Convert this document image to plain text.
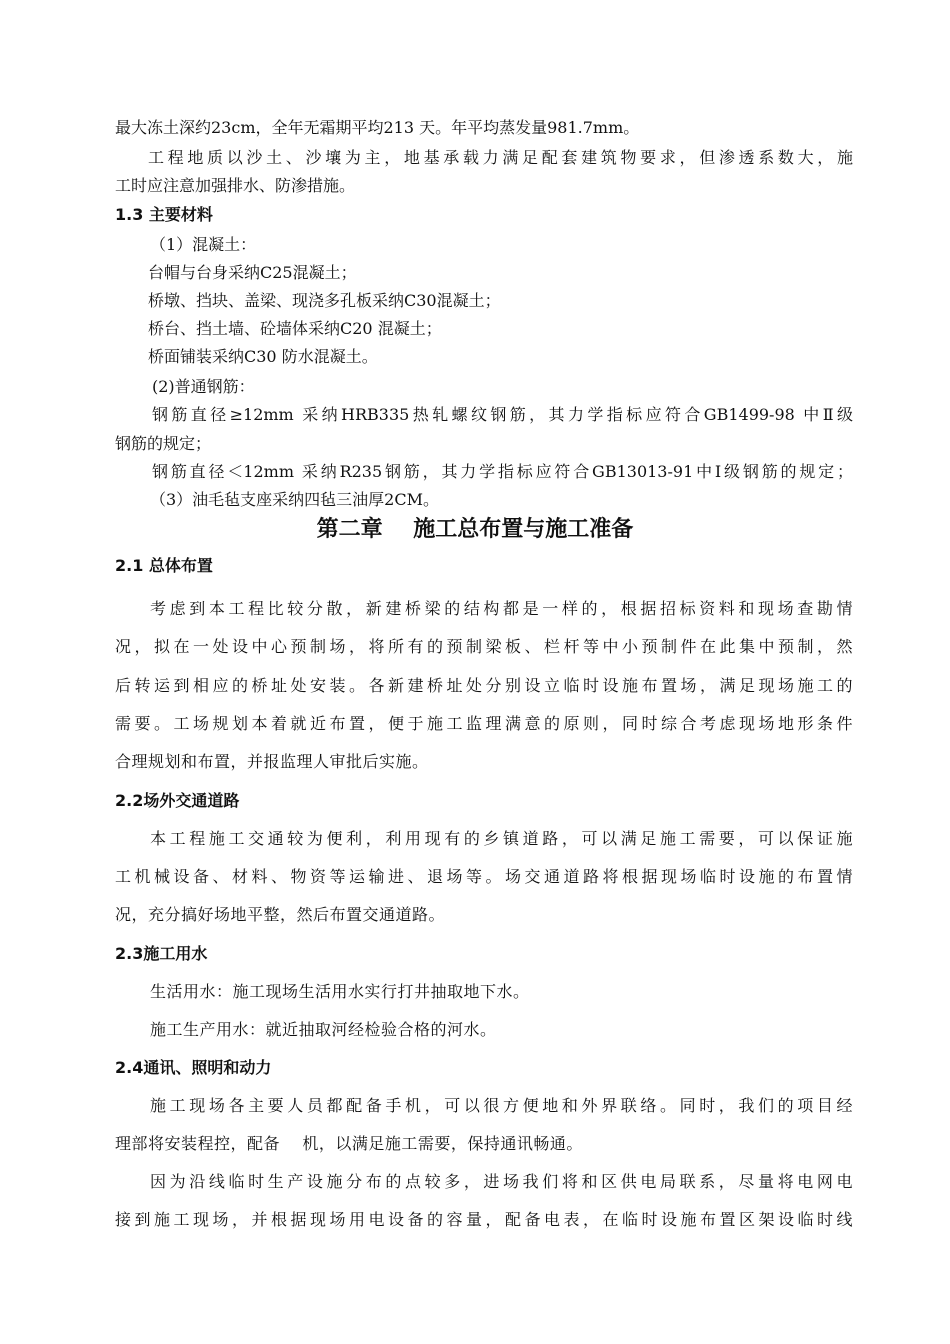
最大冻土深约23cm，全年无霜期平均213 天。年平均蒸发量981.7mm。
工程地质以沙土、沙壤为主，地基承载力满足配套建筑物要求，但渗透系数大，施
工时应注意加强排水、防渗措施。
1.3 主要材料
（1）混凝土：
台帽与台身采纳C25混凝土；
桥墩、挡块、盖梁、现浇多孔板采纳C30混凝土；
桥台、挡土墙、砼墙体采纳C20 混凝土；
桥面铺装采纳C30 防水混凝土。
(2)普通钢筋：
钢筋直径≥12mm 采纳HRB335热轧螺纹钢筋，其力学指标应符合GB1499-98 中Ⅱ级
钢筋的规定；
钢筋直径＜12mm 采纳R235钢筋，其力学指标应符合GB13013-91中Ⅰ级钢筋的规定；
（3）油毛毡支座采纳四毡三油厚2CM。
第二章    施工总布置与施工准备
2.1 总体布置
考虑到本工程比较分散，新建桥梁的结构都是一样的，根据招标资料和现场查勘情
况，拟在一处设中心预制场，将所有的预制梁板、栏杆等中小预制件在此集中预制，然
后转运到相应的桥址处安装。各新建桥址处分别设立临时设施布置场，满足现场施工的
需要。工场规划本着就近布置，便于施工监理满意的原则，同时综合考虑现场地形条件
合理规划和布置，并报监理人审批后实施。
2.2场外交通道路
本工程施工交通较为便利，利用现有的乡镇道路，可以满足施工需要，可以保证施
工机械设备、材料、物资等运输进、退场等。场交通道路将根据现场临时设施的布置情
况，充分搞好场地平整，然后布置交通道路。
2.3施工用水
生活用水：施工现场生活用水实行打井抽取地下水。
施工生产用水：就近抽取河经检验合格的河水。
2.4通讯、照明和动力
施工现场各主要人员都配备手机，可以很方便地和外界联络。同时，我们的项目经
理部将安装程控，配备    机，以满足施工需要，保持通讯畅通。
因为沿线临时生产设施分布的点较多，进场我们将和区供电局联系，尽量将电网电
接到施工现场，并根据现场用电设备的容量，配备电表，在临时设施布置区架设临时线
